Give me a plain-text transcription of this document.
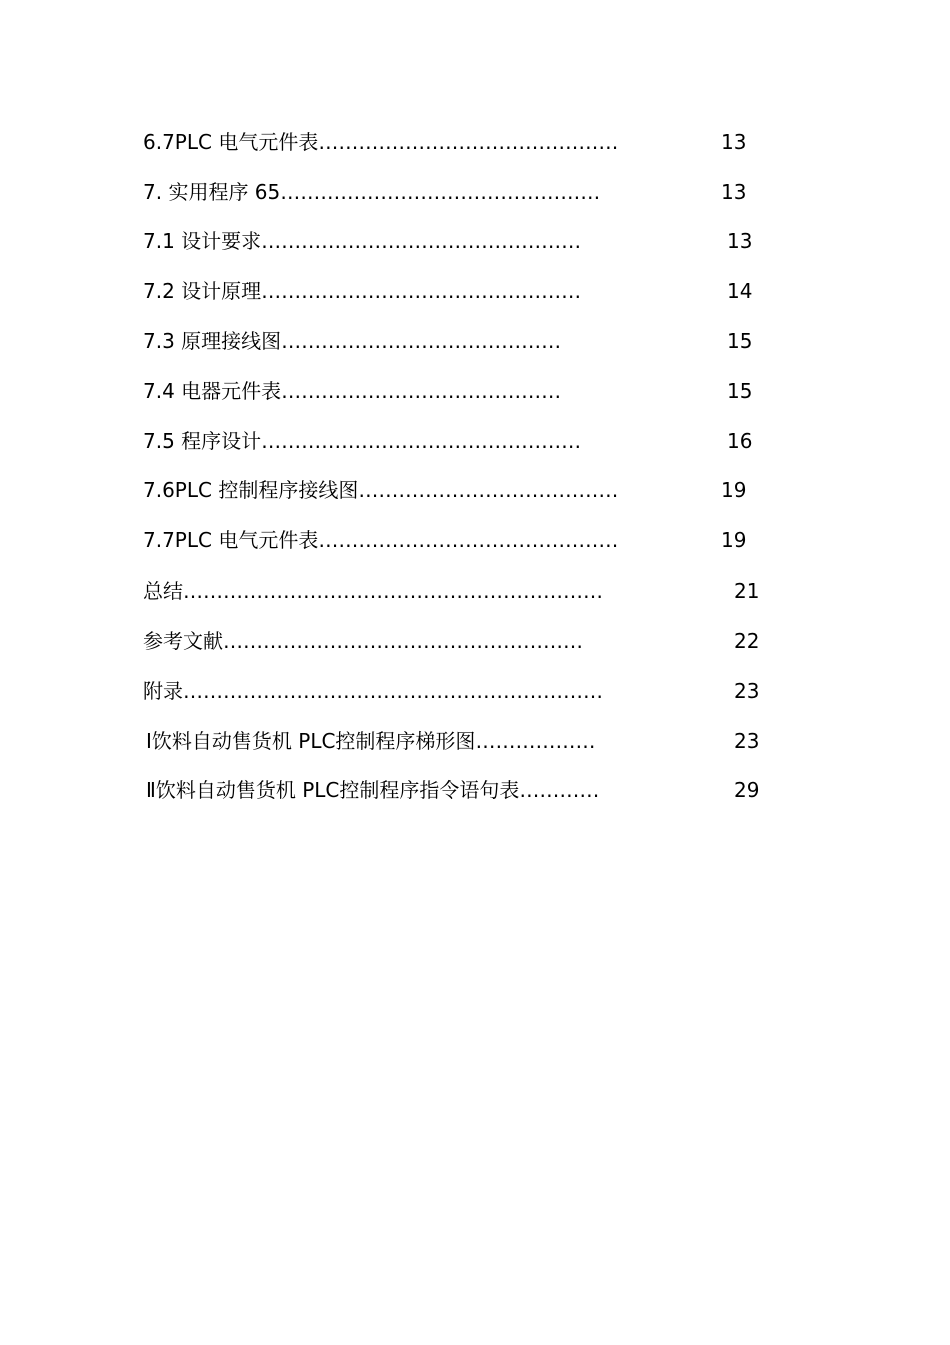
6.7PLC 电气元件表………………………………………	13
7. 实用程序 65…………………………………………	13
7.1 设计要求…………………………………………	13
7.2 设计原理…………………………………………	14
7.3 原理接线图……………………………………	15
7.4 电器元件表……………………………………	15
7.5 程序设计…………………………………………	16
7.6PLC 控制程序接线图…………………………………	19
7.7PLC 电气元件表………………………………………	19
总结………………………………………………………	21
参考文献………………………………………………	22
附录………………………………………………………	23
Ⅰ饮料自动售货机 PLC控制程序梯形图………………	23
Ⅱ饮料自动售货机 PLC控制程序指令语句表…………	29
